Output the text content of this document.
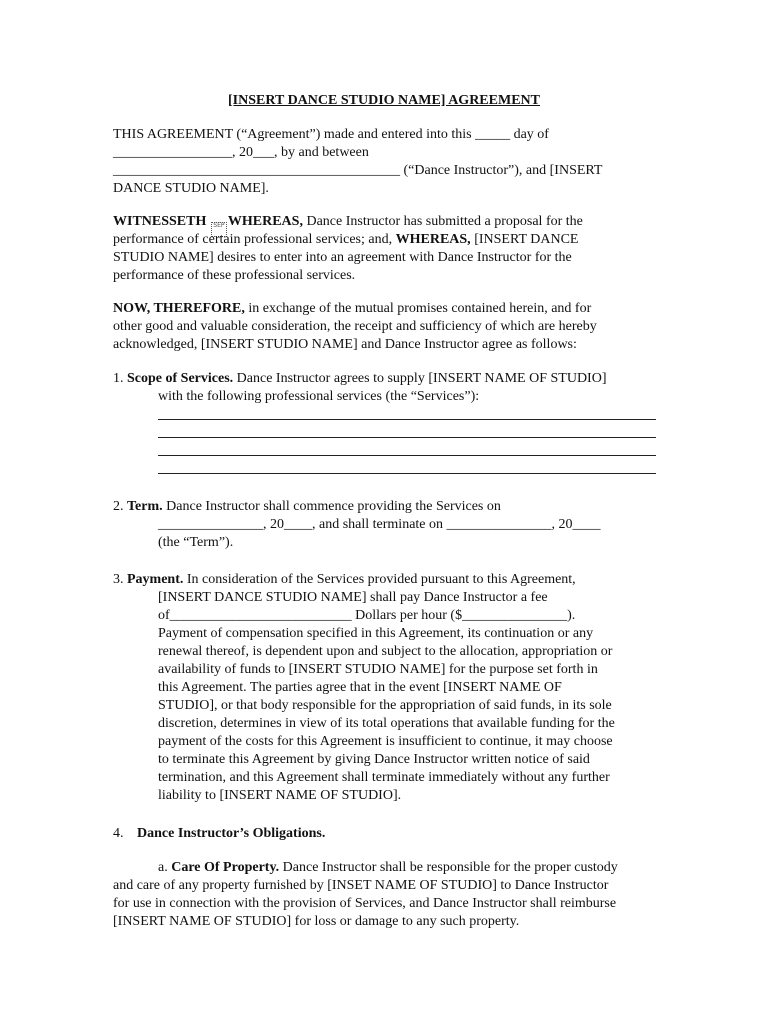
[INSERT DANCE STUDIO NAME] AGREEMENT

THIS AGREEMENT (“Agreement”) made and entered into this _____ day of

_________________, 20___, by and between

_________________________________________ (“Dance Instructor”), and [INSERT

DANCE STUDIO NAME].

WITNESSETH SEP WHEREAS, Dance Instructor has submitted a proposal for the

performance of certain professional services; and, WHEREAS, [INSERT DANCE

STUDIO NAME] desires to enter into an agreement with Dance Instructor for the

performance of these professional services.

NOW, THEREFORE, in exchange of the mutual promises contained herein, and for

other good and valuable consideration, the receipt and sufficiency of which are hereby

acknowledged, [INSERT STUDIO NAME] and Dance Instructor agree as follows:

1. Scope of Services. Dance Instructor agrees to supply [INSERT NAME OF STUDIO]

with the following professional services (the “Services”):

2. Term. Dance Instructor shall commence providing the Services on

_______________, 20____, and shall terminate on _______________, 20____

(the “Term”).

3. Payment. In consideration of the Services provided pursuant to this Agreement,

[INSERT DANCE STUDIO NAME] shall pay Dance Instructor a fee

of__________________________ Dollars per hour ($_______________).

Payment of compensation specified in this Agreement, its continuation or any

renewal thereof, is dependent upon and subject to the allocation, appropriation or

availability of funds to [INSERT STUDIO NAME] for the purpose set forth in

this Agreement. The parties agree that in the event [INSERT NAME OF

STUDIO], or that body responsible for the appropriation of said funds, in its sole

discretion, determines in view of its total operations that available funding for the

payment of the costs for this Agreement is insufficient to continue, it may choose

to terminate this Agreement by giving Dance Instructor written notice of said

termination, and this Agreement shall terminate immediately without any further

liability to [INSERT NAME OF STUDIO].

4. Dance Instructor’s Obligations.

a. Care Of Property. Dance Instructor shall be responsible for the proper custody

and care of any property furnished by [INSET NAME OF STUDIO] to Dance Instructor

for use in connection with the provision of Services, and Dance Instructor shall reimburse

[INSERT NAME OF STUDIO] for loss or damage to any such property.
